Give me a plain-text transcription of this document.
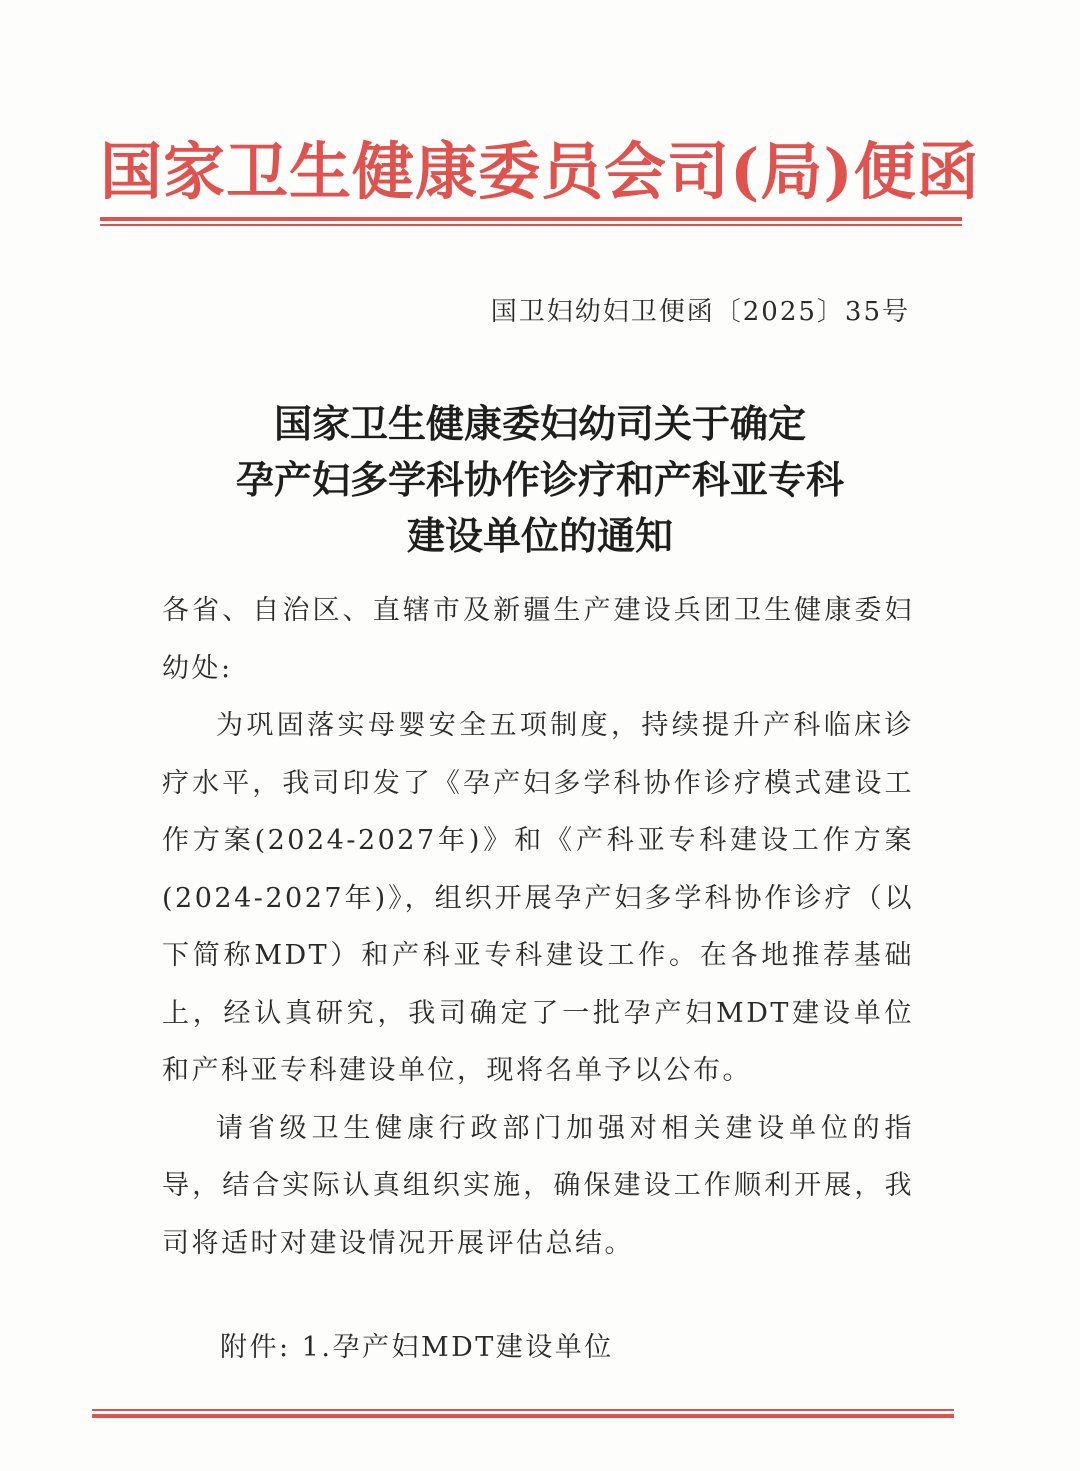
国家卫生健康委员会司(局)便函
国卫妇幼妇卫便函〔2025〕35号
国家卫生健康委妇幼司关于确定
孕产妇多学科协作诊疗和产科亚专科
建设单位的通知

各省、自治区、直辖市及新疆生产建设兵团卫生健康委妇幼处:

为巩固落实母婴安全五项制度，持续提升产科临床诊疗水平，我司印发了《孕产妇多学科协作诊疗模式建设工作方案(2024-2027年)》和《产科亚专科建设工作方案(2024-2027年)》，组织开展孕产妇多学科协作诊疗（以下简称MDT）和产科亚专科建设工作。在各地推荐基础上，经认真研究，我司确定了一批孕产妇MDT建设单位和产科亚专科建设单位，现将名单予以公布。

请省级卫生健康行政部门加强对相关建设单位的指导，结合实际认真组织实施，确保建设工作顺利开展，我司将适时对建设情况开展评估总结。

附件: 1.孕产妇MDT建设单位
